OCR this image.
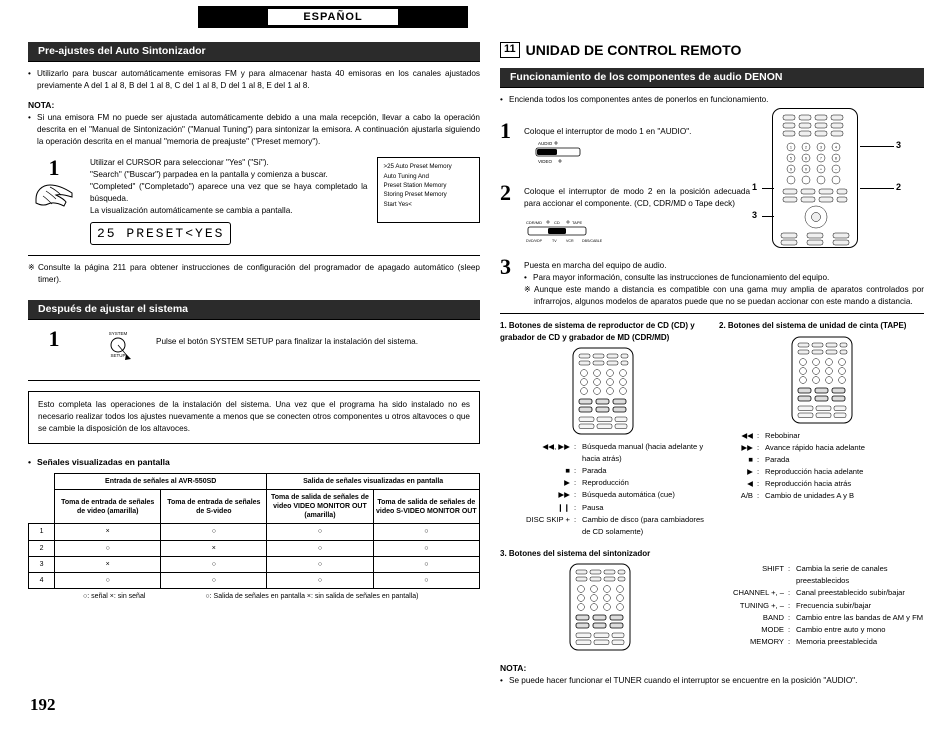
ESPAÑOL
Pre-ajustes del Auto Sintonizador
• Utilizarlo para buscar automáticamente emisoras FM y para almacenar hasta 40 emisoras en los canales ajustados previamente A del 1 al 8, B del 1 al 8, C del 1 al 8, D del 1 al 8, E del 1 al 8.
NOTA:
• Si una emisora FM no puede ser ajustada automáticamente debido a una mala recepción, llevar a cabo la operación descrita en el "Manual de Sintonización" ("Manual Tuning") para sintonizar la emisora. A continuación ajustarla siguiendo la operación descrita en el manual "memoria de preajuste" ("Preset memory").
1	Utilizar el CURSOR para seleccionar "Yes" ("Sí").
"Search" ("Buscar") parpadea en la pantalla y comienza a buscar.
"Completed" ("Completado") aparece una vez que se haya completado la búsqueda.
La visualización automáticamente se cambia a pantalla.
25 PRESET<YES
>25 Auto Preset Memory
Auto Tuning And
Preset Station Memory
Storing Preset Memory
Start Yes<
※ Consulte la página 211 para obtener instrucciones de configuración del programador de apagado automático (sleep timer).
Después de ajustar el sistema
1	SYSTEM
SETUP
Pulse el botón SYSTEM SETUP para finalizar la instalación del sistema.
Esto completa las operaciones de la instalación del sistema. Una vez que el programa ha sido instalado no es necesario realizar todos los ajustes nuevamente a menos que se conecten otros componentes u otros altavoces o que se cambie la disposición de los altavoces.
• Señales visualizadas en pantalla
	Entrada de señales al AVR-550SD		Salida de señales visualizadas en pantalla	
	Toma de entrada de señales de video (amarilla)	Toma de entrada de señales de S-video	Toma de salida de señales de video VIDEO MONITOR OUT (amarilla)	Toma de salida de señales de video S-VIDEO MONITOR OUT
1	×	○	○	○
2	○	×	○	○
3	×	○	○	○
4	○	○	○	○
○: señal ×: sin señal	○: Salida de señales en pantalla ×: sin salida de señales en pantalla)
11 UNIDAD DE CONTROL REMOTO
Funcionamiento de los componentes de audio DENON
• Encienda todos los componentes antes de ponerlos en funcionamiento.
1	Coloque el interruptor de modo 1 en "AUDIO".
AUDIO
VIDEO
2	Coloque el interruptor de modo 2 en la posición adecuada para accionar el componente. (CD, CDR/MD o Tape deck)
CDR/MD	CD	TAPE
DVD/VDP	TV	VCR DBS/CABLE
1	2	3	4
5	6	7	8
9	0	+	–
3
2
1
3
3	Puesta en marcha del equipo de audio.
• Para mayor información, consulte las instrucciones de funcionamiento del equipo.
※ Aunque este mando a distancia es compatible con una gama muy amplia de aparatos controlados por infrarrojos, algunos modelos de aparatos puede que no se puedan accionar con este mando a distancia.
1. Botones de sistema de reproductor de CD (CD) y grabador de CD y grabador de MD (CDR/MD)
◀◀, ▶▶ : Búsqueda manual (hacia adelante y hacia atrás)
■ : Parada
▶ : Reproducción
▶▶ : Búsqueda automática (cue)
❙❙ : Pausa
DISC SKIP + : Cambio de disco (para cambiadores de CD solamente)
2. Botones del sistema de unidad de cinta (TAPE)
◀◀ : Rebobinar
▶▶ : Avance rápido hacia adelante
■ : Parada
▶ : Reproducción hacia adelante
◀ : Reproducción hacia atrás
A/B : Cambio de unidades A y B
3. Botones del sistema del sintonizador
SHIFT : Cambia la serie de canales preestablecidos
CHANNEL +, – : Canal preestablecido subir/bajar
TUNING +, – : Frecuencia subir/bajar
BAND : Cambio entre las bandas de AM y FM
MODE : Cambio entre auto y mono
MEMORY : Memoria preestablecida
NOTA:
• Se puede hacer funcionar el TUNER cuando el interruptor se encuentre en la posición "AUDIO".
192
